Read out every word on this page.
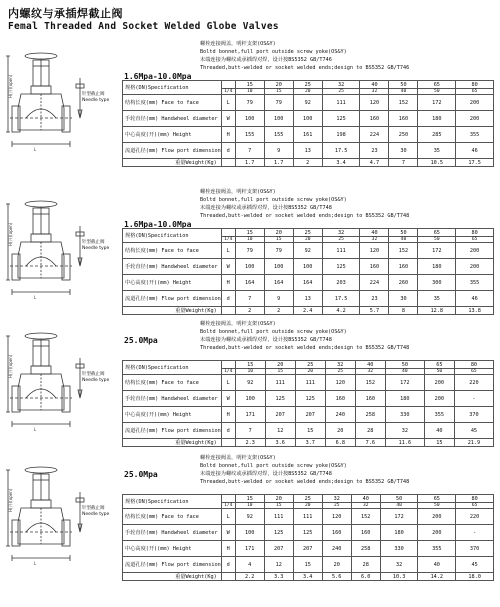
内螺纹与承插焊截止阀
Femal Threaded And Socket Welded Globe Valves
H(开)(open)
L
针型截止阀
Needle type
螺栓连接阀盖，明杆支架(OS&Y)
Boltd bonnet,full port outside screw yoke(OS&Y)
末端连接为螺纹或承插焊对焊，设计按BS5352 GB/T746
Threaded,butt-welded or socket welded ends;design to BS5352 GB/T746
1.6Mpa-10.0Mpa
规格(DN)Specification		15	20	25	32	40	50	65	80
	1/4	10	15	20	25	32	40	50	65
结构长度(mm) Face to face	L	79	79	92	111	120	152	172	200
手轮直径(mm) Handwheel diameter	W	100	100	100	125	160	160	180	200
中心高度(开)(mm) Height	H	155	155	161	198	224	250	285	355
流道孔径(mm) Flow port dimension	d	7	9	13	17.5	23	30	35	46
重量Weight(Kg)		1.7	1.7	2	3.4	4.7	7	10.5	17.5
H(开)(open)
L
针型截止阀
Needle type
螺栓连接阀盖，明杆支架(OS&Y)
Boltd bonnet,full port outside screw yoke(OS&Y)
末端连接为螺纹或承插焊对焊，设计按BS5352 GB/T748
Threaded,butt-welded or socket welded ends;design to BS5352 GB/T748
1.6Mpa-10.0Mpa
规格(DN)Specification		15	20	25	32	40	50	65	80
	1/4	10	15	20	25	32	40	50	65
结构长度(mm) Face to face	L	79	79	92	111	120	152	172	200
手轮直径(mm) Handwheel diameter	W	100	100	100	125	160	160	180	200
中心高度(开)(mm) Height	H	164	164	164	203	224	260	300	355
流道孔径(mm) Flow port dimension	d	7	9	13	17.5	23	30	35	46
重量Weight(Kg)		2	2	2.4	4.2	5.7	8	12.8	13.8
H(开)(open)
L
针型截止阀
Needle type
螺栓连接阀盖，明杆支架(OS&Y)
Boltd bonnet,full port outside screw yoke(OS&Y)
末端连接为螺纹或承插焊对焊，设计按BS5352 GB/T748
Threaded,butt-welded or socket welded ends;design to BS5352 GB/T748
25.0Mpa
规格(DN)Specification		15	20	25	32	40	50	65	80
	1/4	10	15	20	25	32	40	50	65
结构长度(mm) Face to face	L	92	111	111	120	152	172	200	220
手轮直径(mm) Handwheel diameter	W	100	125	125	160	160	180	200	-
中心高度(开)(mm) Height	H	171	207	207	240	258	330	355	370
流道孔径(mm) Flow port dimension	d	7	12	15	20	28	32	40	45
重量Weight(Kg)		2.3	3.6	3.7	6.8	7.6	11.6	15	21.9
H(开)(open)
L
针型截止阀
Needle type
螺栓连接阀盖，明杆支架(OS&Y)
Boltd bonnet,full port outside screw yoke(OS&Y)
末端连接为螺纹或承插焊对焊，设计按BS5352 GB/T748
Threaded,butt-welded or socket welded ends;design to BS5352 GB/T748
25.0Mpa
规格(DN)Specification		15	20	25	32	40	50	65	80
	1/4	10	15	20	25	32	40	50	65
结构长度(mm) Face to face	L	92	111	111	120	152	172	200	220
手轮直径(mm) Handwheel diameter	W	100	125	125	160	160	180	200	-
中心高度(开)(mm) Height	H	171	207	207	240	258	330	355	370
流道孔径(mm) Flow port dimension	d	4	12	15	20	28	32	40	45
重量Weight(Kg)		2.2	3.3	3.4	5.6	6.0	10.3	14.2	18.0
